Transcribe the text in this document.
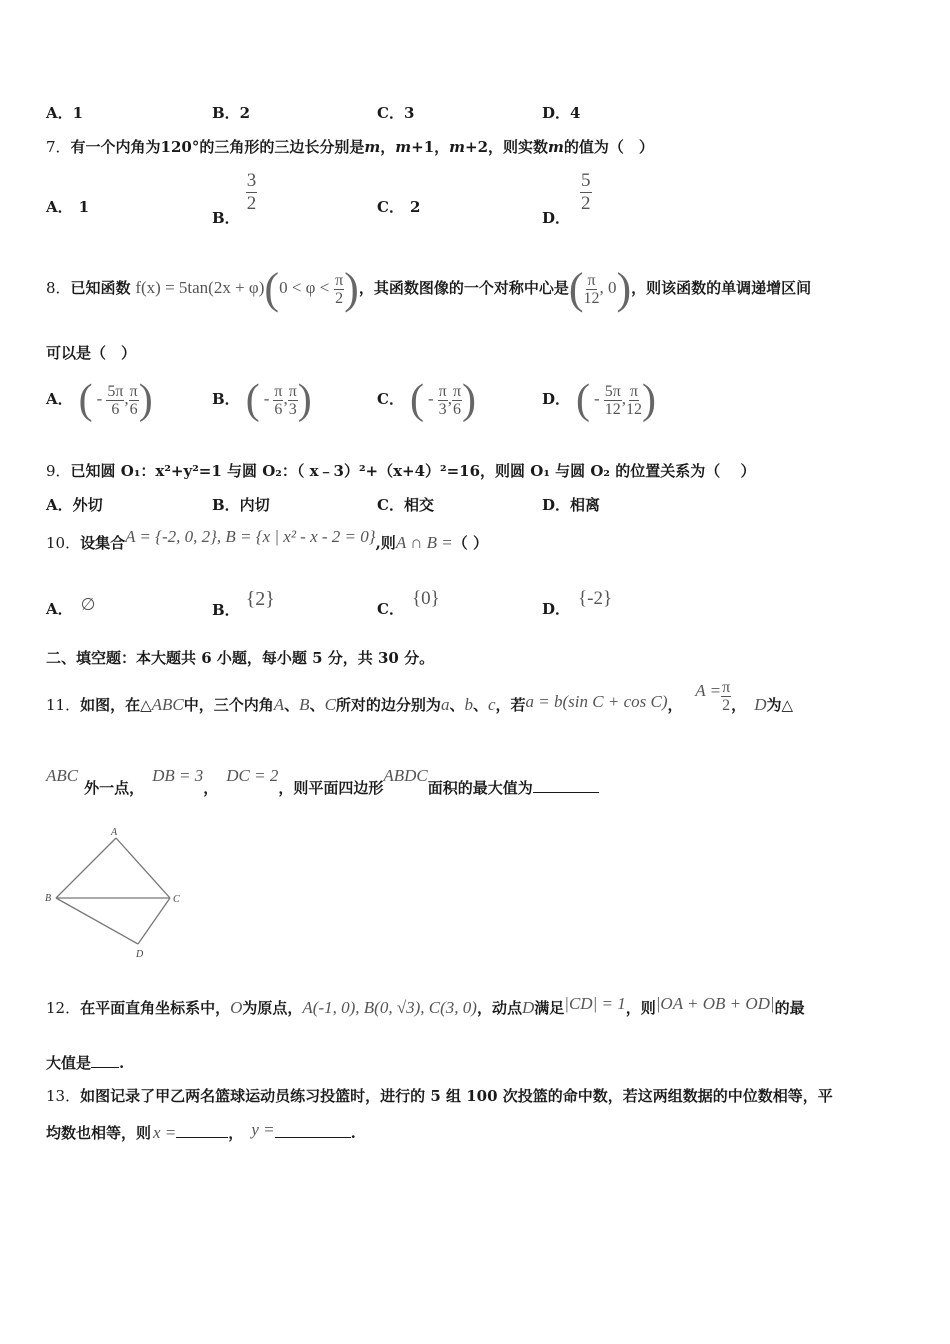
A．1	B．2	C．3	D．4
7．有一个内角为120°的三角形的三边长分别是m，m+1，m+2，则实数m的值为（　）
A． 1
B．
$\frac{3}{2}$	C． 2
D．
$\frac{5}{2}$
8．已知函数 $f(x) = 5\tan(2x + \varphi)(0 < \varphi < \frac{\pi}{2}$ )，其函数图像的一个对称中心是( $\frac{\pi}{12}$ , 0)，则该函数的单调递增区间
可以是（　）
A． ( - $\frac{5\pi}{6}$ , $\frac{\pi}{6}$ )	B． ( - $\frac{\pi}{6}$ , $\frac{\pi}{3}$ )	C． ( - $\frac{\pi}{3}$ , $\frac{\pi}{6}$ )	D． ( - $\frac{5\pi}{12}$ , $\frac{\pi}{12}$ )
9．已知圆 O₁：x²+y²=1 与圆 O₂：（ x﹣3）²+（x+4）²=16，则圆 O₁ 与圆 O₂ 的位置关系为（　 ）
A．外切	B．内切	C．相交	D．相离
10．设集合A = {-2, 0, 2}, B = {x | x² - x - 2 = 0},则A ∩ B =（ ）
A． ∅	B． {2}	C． {0}	D． {-2}
二、填空题：本大题共 6 小题，每小题 5 分，共 30 分。
11．如图，在△ABC中，三个内角A、B、C所对的边分别为a、b、c，若a = b(sin C + cos C)， $A = \frac{\pi}{2}$ ， D为△
ABC外一点，DB = 3，DC = 2，则平面四边形ABDC面积的最大值为
A
B	C
D
12．在平面直角坐标系中，O为原点，A(-1, 0), B(0, √3), C(3, 0)，动点D满足|CD| = 1，则|OA + OB + OD|的最
大值是 .
13．如图记录了甲乙两名篮球运动员练习投篮时，进行的 5 组 100 次投篮的命中数，若这两组数据的中位数相等，平
均数也相等，则 x =	， y =	.
